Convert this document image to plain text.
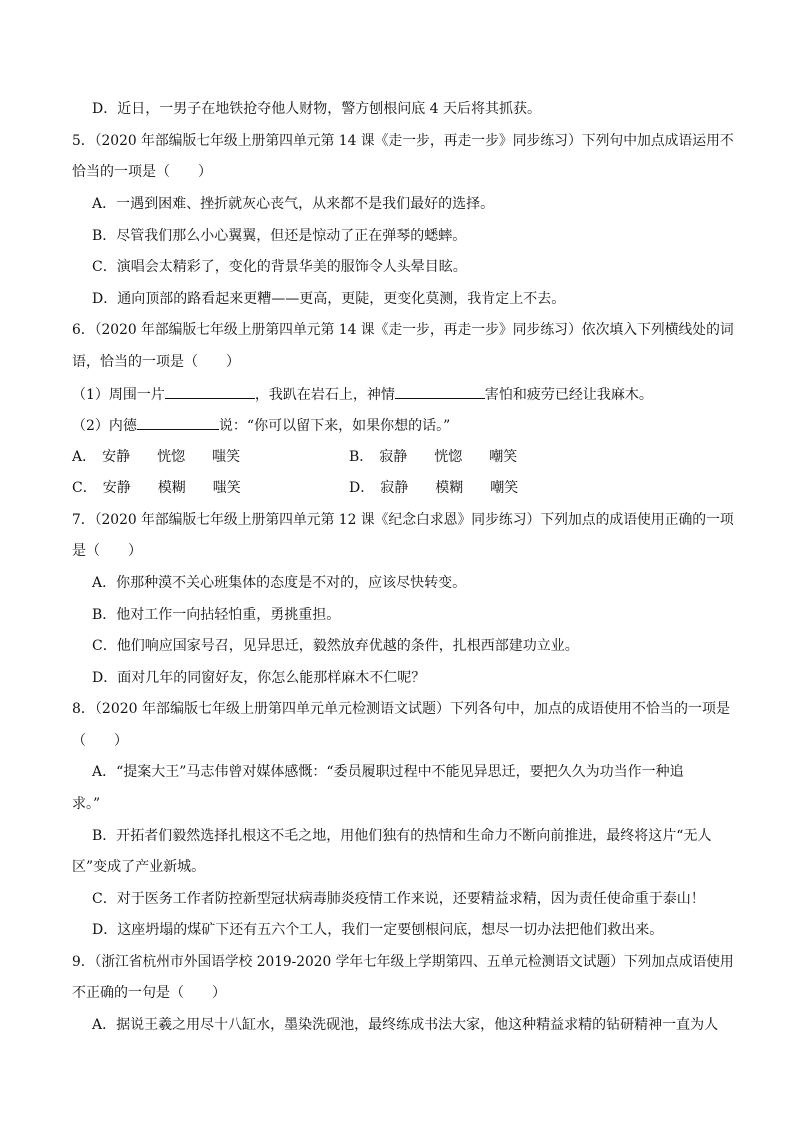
D．近日，一男子在地铁抢夺他人财物，警方刨根问底 4 天后将其抓获。
5．（2020 年部编版七年级上册第四单元第 14 课《走一步，再走一步》同步练习）下列句中加点成语运用不
恰当的一项是（　　）
A．一遇到困难、挫折就灰心丧气，从来都不是我们最好的选择。
B．尽管我们那么小心翼翼，但还是惊动了正在弹琴的蟋蟀。
C．演唱会太精彩了，变化的背景华美的服饰令人头晕目眩。
D．通向顶部的路看起来更糟——更高，更陡，更变化莫测，我肯定上不去。
6．（2020 年部编版七年级上册第四单元第 14 课《走一步，再走一步》同步练习）依次填入下列横线处的词
语，恰当的一项是（　　）
（1）周围一片	，我趴在岩石上，神情	害怕和疲劳已经让我麻木。
（2）内德	说：“你可以留下来，如果你想的话。”
A． 安静 恍惚 嗤笑	B． 寂静 恍惚 嘲笑
C． 安静 模糊 嗤笑	D． 寂静 模糊 嘲笑
7．（2020 年部编版七年级上册第四单元第 12 课《纪念白求恩》同步练习）下列加点的成语使用正确的一项
是（　　）
A．你那种漠不关心班集体的态度是不对的，应该尽快转变。
B．他对工作一向拈轻怕重，勇挑重担。
C．他们响应国家号召，见异思迁，毅然放弃优越的条件，扎根西部建功立业。
D．面对几年的同窗好友，你怎么能那样麻木不仁呢？
8．（2020 年部编版七年级上册第四单元单元检测语文试题）下列各句中，加点的成语使用不恰当的一项是
（　　）
A．“提案大王”马志伟曾对媒体感慨：“委员履职过程中不能见异思迁，要把久久为功当作一种追
求。”
B．开拓者们毅然选择扎根这不毛之地，用他们独有的热情和生命力不断向前推进，最终将这片“无人
区”变成了产业新城。
C．对于医务工作者防控新型冠状病毒肺炎疫情工作来说，还要精益求精，因为责任使命重于泰山！
D．这座坍塌的煤矿下还有五六个工人，我们一定要刨根问底，想尽一切办法把他们救出来。
9．（浙江省杭州市外国语学校 2019-2020 学年七年级上学期第四、五单元检测语文试题）下列加点成语使用
不正确的一句是（　　）
A．据说王羲之用尽十八缸水，墨染洗砚池，最终练成书法大家，他这种精益求精的钻研精神一直为人
